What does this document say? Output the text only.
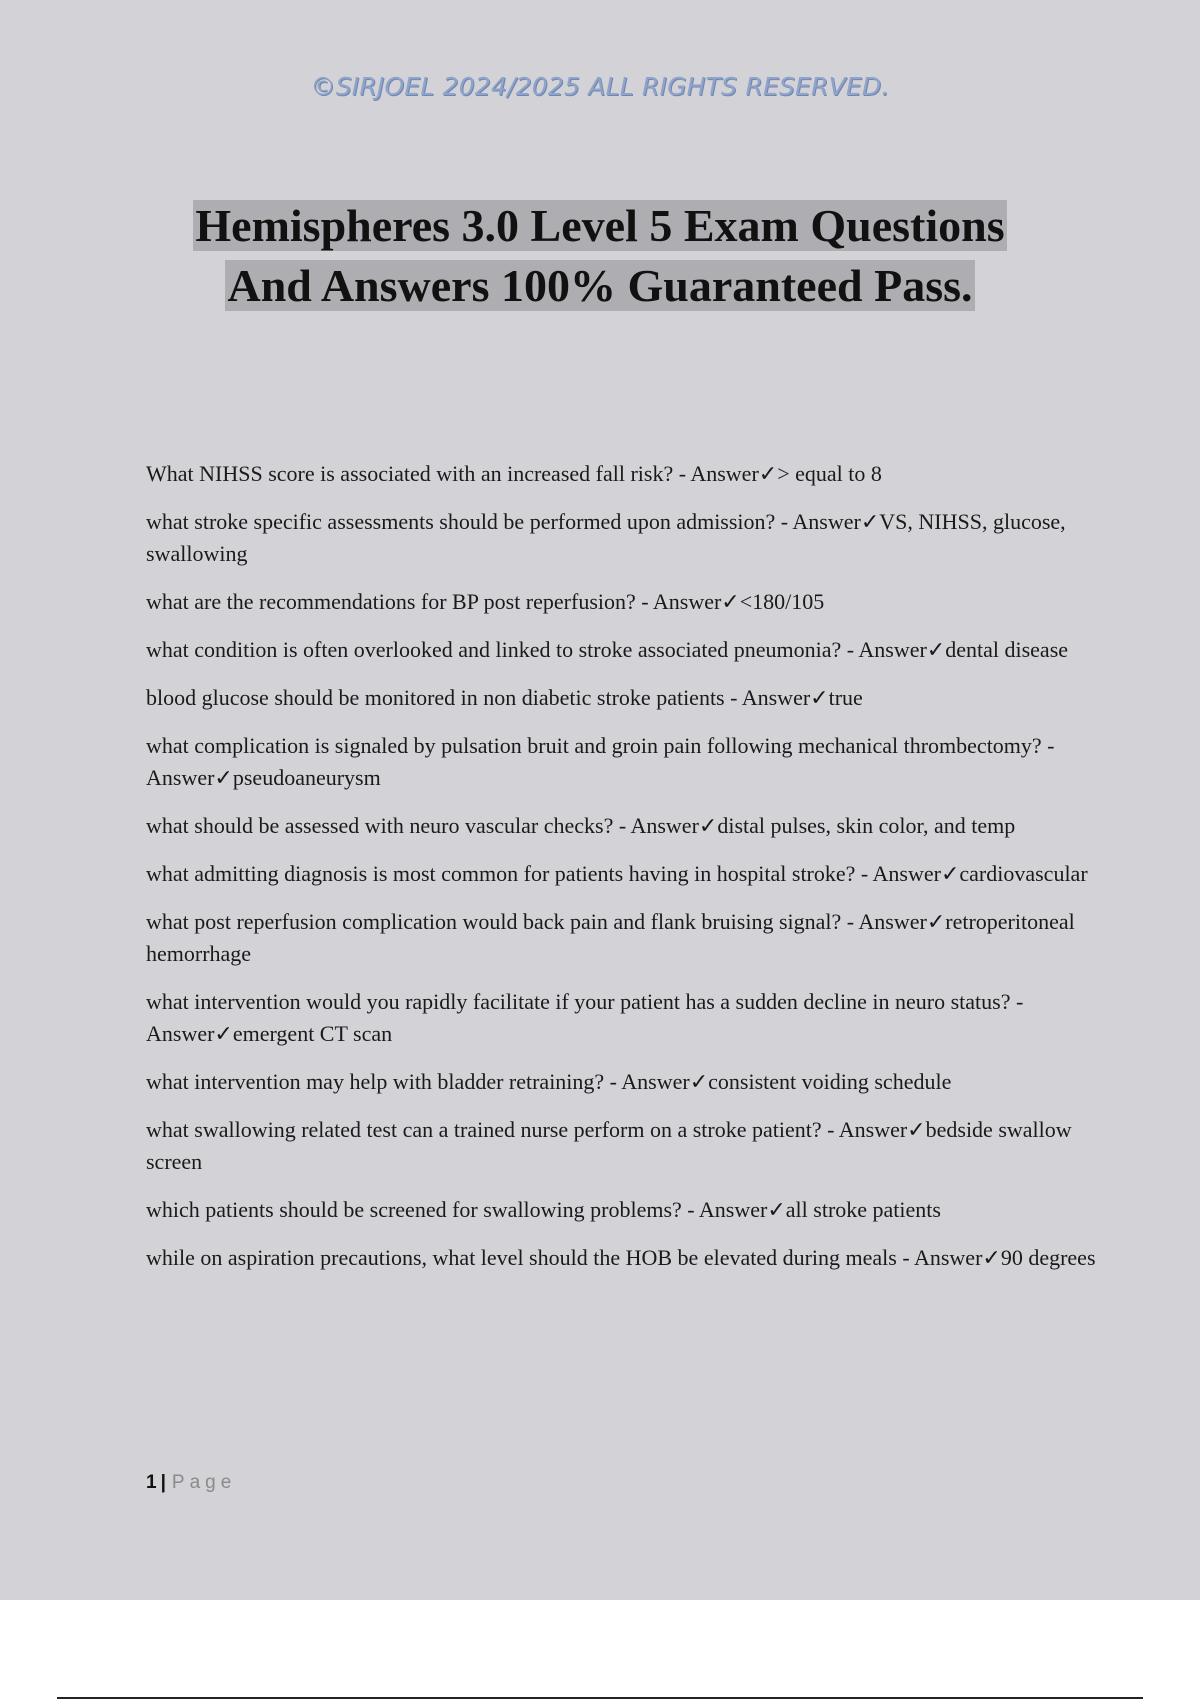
©SIRJOEL 2024/2025 ALL RIGHTS RESERVED.
Hemispheres 3.0 Level 5 Exam Questions
And Answers 100% Guaranteed Pass.

What NIHSS score is associated with an increased fall risk? - Answer✓> equal to 8

what stroke specific assessments should be performed upon admission? - Answer✓VS, NIHSS, glucose, swallowing

what are the recommendations for BP post reperfusion? - Answer✓<180/105

what condition is often overlooked and linked to stroke associated pneumonia? - Answer✓dental disease

blood glucose should be monitored in non diabetic stroke patients - Answer✓true

what complication is signaled by pulsation bruit and groin pain following mechanical thrombectomy? - Answer✓pseudoaneurysm

what should be assessed with neuro vascular checks? - Answer✓distal pulses, skin color, and temp

what admitting diagnosis is most common for patients having in hospital stroke? - Answer✓cardiovascular

what post reperfusion complication would back pain and flank bruising signal? - Answer✓retroperitoneal hemorrhage

what intervention would you rapidly facilitate if your patient has a sudden decline in neuro status? - Answer✓emergent CT scan

what intervention may help with bladder retraining? - Answer✓consistent voiding schedule

what swallowing related test can a trained nurse perform on a stroke patient? - Answer✓bedside swallow screen

which patients should be screened for swallowing problems? - Answer✓all stroke patients

while on aspiration precautions, what level should the HOB be elevated during meals - Answer✓90 degrees

1 | Page
